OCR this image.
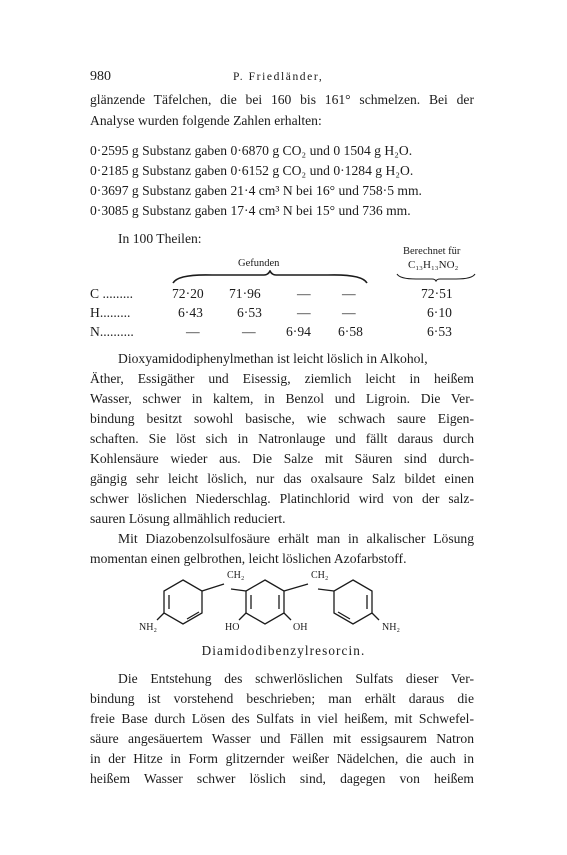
980	P. Friedländer,
glänzende Täfelchen, die bei 160 bis 161° schmelzen. Bei der
Analyse wurden folgende Zahlen erhalten:
0·2595 g Substanz gaben 0·6870 g CO₂ und 0 1504 g H₂O.
0·2185 g Substanz gaben 0·6152 g CO₂ und 0·1284 g H₂O.
0·3697 g Substanz gaben 21·4 cm³ N bei 16° und 758·5 mm.
0·3085 g Substanz gaben 17·4 cm³ N bei 15° und 736 mm.
In 100 Theilen:
Gefunden
Berechnet für
C₁₃H₁₃NO₂
C .........	72·20 71·96	— —	72·51
H.........	6·43	6·53	— —	6·10
N..........	—	— 6·94 6·58	6·53
Dioxyamidodiphenylmethan ist leicht löslich in Alkohol,
Äther, Essigäther und Eisessig, ziemlich leicht in heißem
Wasser, schwer in kaltem, in Benzol und Ligroin. Die Ver-
bindung besitzt sowohl basische, wie schwach saure Eigen-
schaften. Sie löst sich in Natronlauge und fällt daraus durch
Kohlensäure wieder aus. Die Salze mit Säuren sind durch-
gängig sehr leicht löslich, nur das oxalsaure Salz bildet einen
schwer löslichen Niederschlag. Platinchlorid wird von der salz-
sauren Lösung allmählich reduciert.
Mit Diazobenzolsulfosäure erhält man in alkalischer Lösung
momentan einen gelbrothen, leicht löslichen Azofarbstoff.
CH₂	CH₂
NH₂	HO	OH	NH₂
Diamidodibenzylresorcin.
Die Entstehung des schwerlöslichen Sulfats dieser Ver-
bindung ist vorstehend beschrieben; man erhält daraus die
freie Base durch Lösen des Sulfats in viel heißem, mit Schwefel-
säure angesäuertem Wasser und Fällen mit essigsaurem Natron
in der Hitze in Form glitzernder weißer Nädelchen, die auch in
heißem Wasser schwer löslich sind, dagegen von heißem
